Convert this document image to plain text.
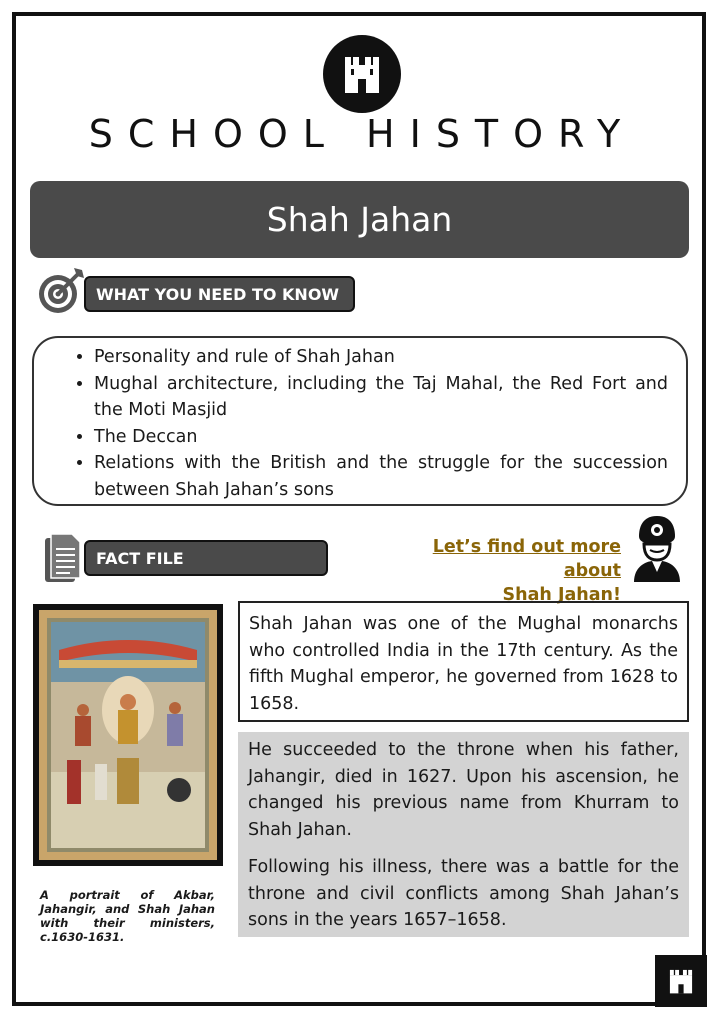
SCHOOL HISTORY
Shah Jahan
WHAT YOU NEED TO KNOW
• Personality and rule of Shah Jahan
• Mughal architecture, including the Taj Mahal, the Red Fort and the Moti Masjid
• The Deccan
• Relations with the British and the struggle for the succession between Shah Jahan’s sons
FACT FILE
Let’s find out more about
Shah Jahan!
A portrait of Akbar, Jahangir, and Shah Jahan with their ministers, c.1630-1631.
Shah Jahan was one of the Mughal monarchs who controlled India in the 17th century. As the fifth Mughal emperor, he governed from 1628 to 1658.

He succeeded to the throne when his father, Jahangir, died in 1627. Upon his ascension, he changed his previous name from Khurram to Shah Jahan.

Following his illness, there was a battle for the throne and civil conflicts among Shah Jahan’s sons in the years 1657–1658.
